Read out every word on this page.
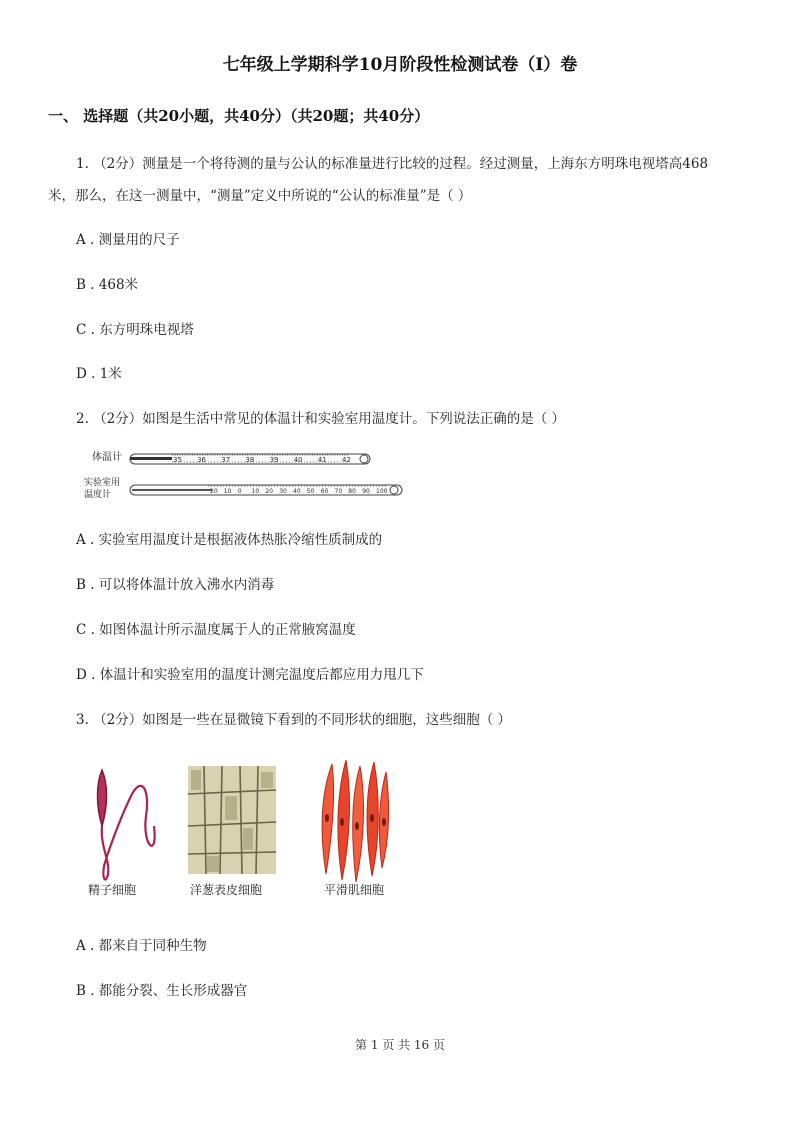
七年级上学期科学10月阶段性检测试卷（I）卷
一、 选择题（共20小题，共40分）（共20题；共40分）
1. （2分）测量是一个将待测的量与公认的标准量进行比较的过程。经过测量，上海东方明珠电视塔高468
米，那么，在这一测量中，“测量”定义中所说的“公认的标准量”是（ ）
A . 测量用的尺子
B . 468米
C . 东方明珠电视塔
D . 1米
2. （2分）如图是生活中常见的体温计和实验室用温度计。下列说法正确的是（ ）
体温计	35 36 37 38 39 40 41 42
实验室用
温度计	20 10 0 10 20 30 40 50 60 70 80 90 100
A . 实验室用温度计是根据液体热胀冷缩性质制成的
B . 可以将体温计放入沸水内消毒
C . 如图体温计所示温度属于人的正常腋窝温度
D . 体温计和实验室用的温度计测完温度后都应用力甩几下
3. （2分）如图是一些在显微镜下看到的不同形状的细胞，这些细胞（ ）
精子细胞	洋葱表皮细胞	平滑肌细胞
A . 都来自于同种生物
B . 都能分裂、生长形成器官
第 1 页 共 16 页
